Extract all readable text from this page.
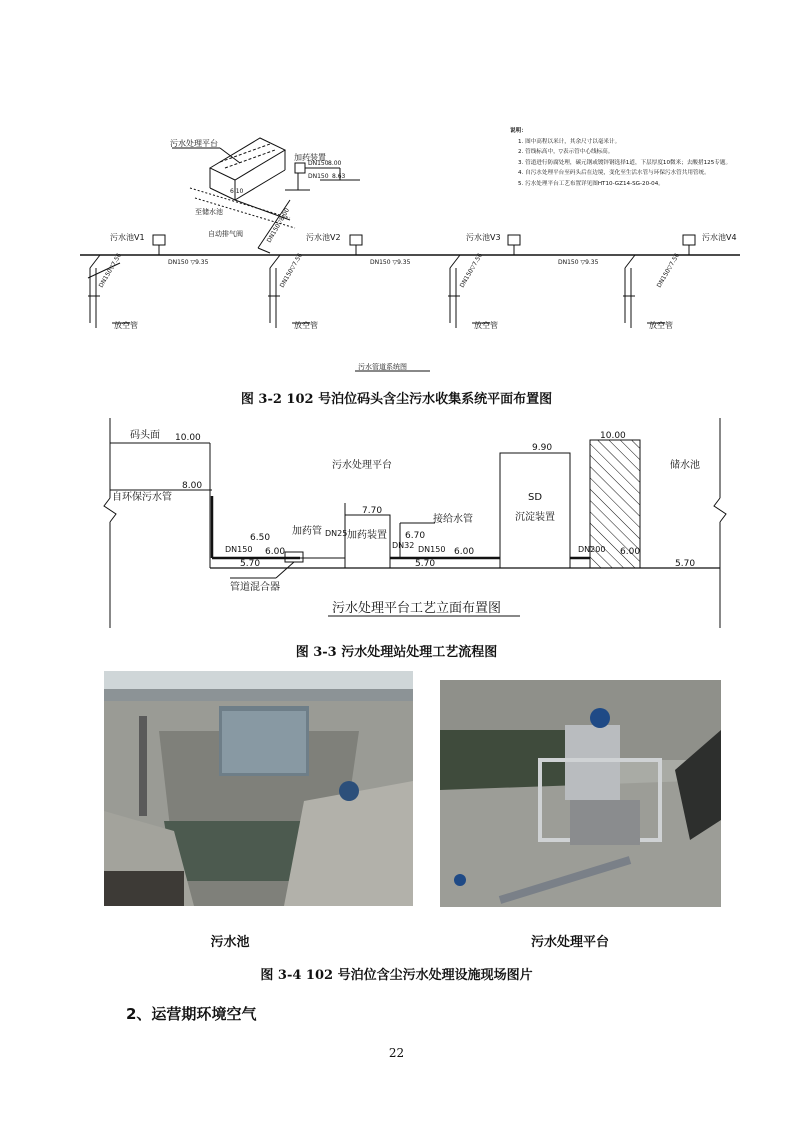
污水处理平台
加药装置
至储水池
DN150 8.00
DN150 8.63
6.10
DN150▽8.00
自动排气阀
污水池V1	污水池V2	污水池V3	污水池V4
DN150 ▽9.35	DN150 ▽9.35	DN150 ▽9.35
DN150▽7.56	DN150▽7.56	DN150▽7.56	DN150▽7.56
放空管	放空管	放空管	放空管
污水管道系统图
说明：
1. 图中高程以米计，其余尺寸以毫米计。
2. 管线标高中，▽表示管中心线标高。
3. 管道进行防腐处理，碳元钢或镀锌钢选择1道，下层厚度10微米；去酸措125专题。
4. 自污水处理平台至码头后在边境，变化至生活水管与环保污水管共用管统。
5. 污水处理平台工艺布置详见图HT10-GZ14-SG-20-04。
图 3-2 102 号泊位码头含尘污水收集系统平面布置图
码头面 10.00
污水处理平台
9.90
10.00
储水池
自环保污水管
8.00
7.70
接给水管
SD
沉淀装置
6.50
加药管 DN25 加药装置 6.70
DN32
DN150 6.00	DN150 6.00	DN200 6.00
5.70	5.70	5.70
管道混合器
污水处理平台工艺立面布置图
图 3-3 污水处理站处理工艺流程图
污水池	污水处理平台
图 3-4 102 号泊位含尘污水处理设施现场图片
2、运营期环境空气
22
